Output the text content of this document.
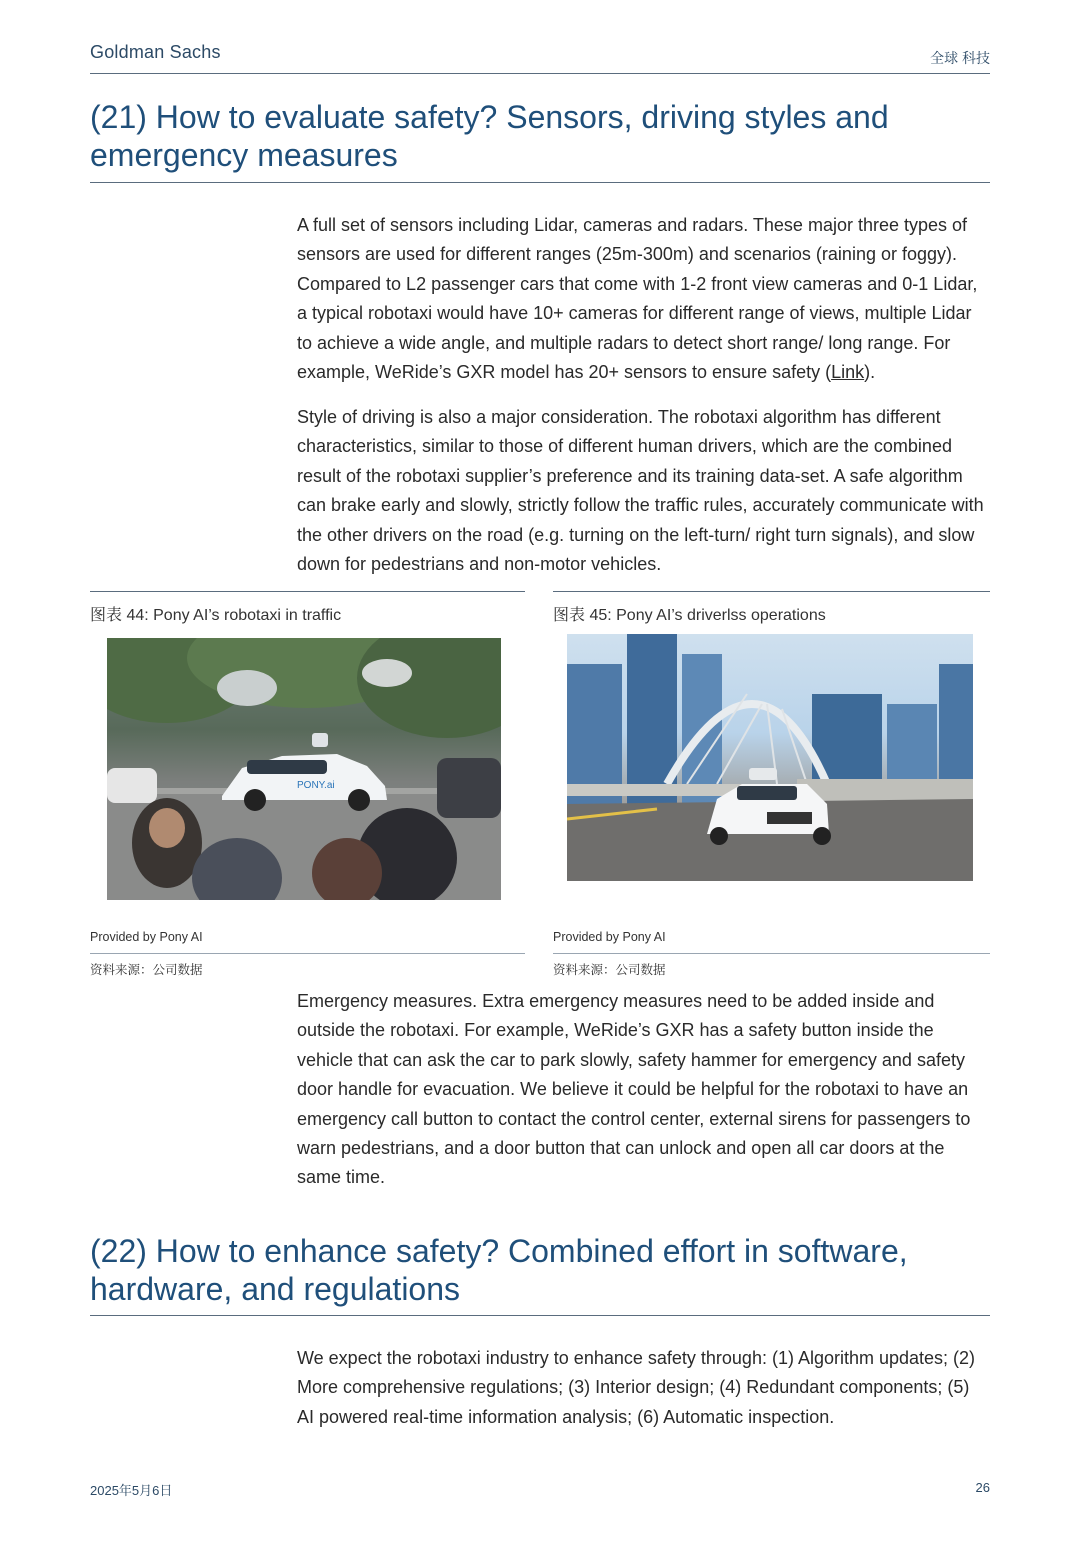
Goldman Sachs	全球 科技
(21) How to evaluate safety? Sensors, driving styles and
emergency measures

A full set of sensors including Lidar, cameras and radars. These major three types of sensors are used for different ranges (25m-300m) and scenarios (raining or foggy). Compared to L2 passenger cars that come with 1-2 front view cameras and 0-1 Lidar, a typical robotaxi would have 10+ cameras for different range of views, multiple Lidar to achieve a wide angle, and multiple radars to detect short range/ long range. For example, WeRide’s GXR model has 20+ sensors to ensure safety (Link).

Style of driving is also a major consideration. The robotaxi algorithm has different characteristics, similar to those of different human drivers, which are the combined result of the robotaxi supplier’s preference and its training data-set. A safe algorithm can brake early and slowly, strictly follow the traffic rules, accurately communicate with the other drivers on the road (e.g. turning on the left-turn/ right turn signals), and slow down for pedestrians and non-motor vehicles.

图表 44: Pony AI’s robotaxi in traffic
PONY.ai
Provided by Pony AI
资料来源：公司数据
图表 45: Pony AI’s driverlss operations
Provided by Pony AI
资料来源：公司数据

Emergency measures. Extra emergency measures need to be added inside and outside the robotaxi. For example, WeRide’s GXR has a safety button inside the vehicle that can ask the car to park slowly, safety hammer for emergency and safety door handle for evacuation. We believe it could be helpful for the robotaxi to have an emergency call button to contact the control center, external sirens for passengers to warn pedestrians, and a door button that can unlock and open all car doors at the same time.

(22) How to enhance safety? Combined effort in software,
hardware, and regulations

We expect the robotaxi industry to enhance safety through: (1) Algorithm updates; (2) More comprehensive regulations; (3) Interior design; (4) Redundant components; (5) AI powered real-time information analysis; (6) Automatic inspection.

2025年5月6日	26
